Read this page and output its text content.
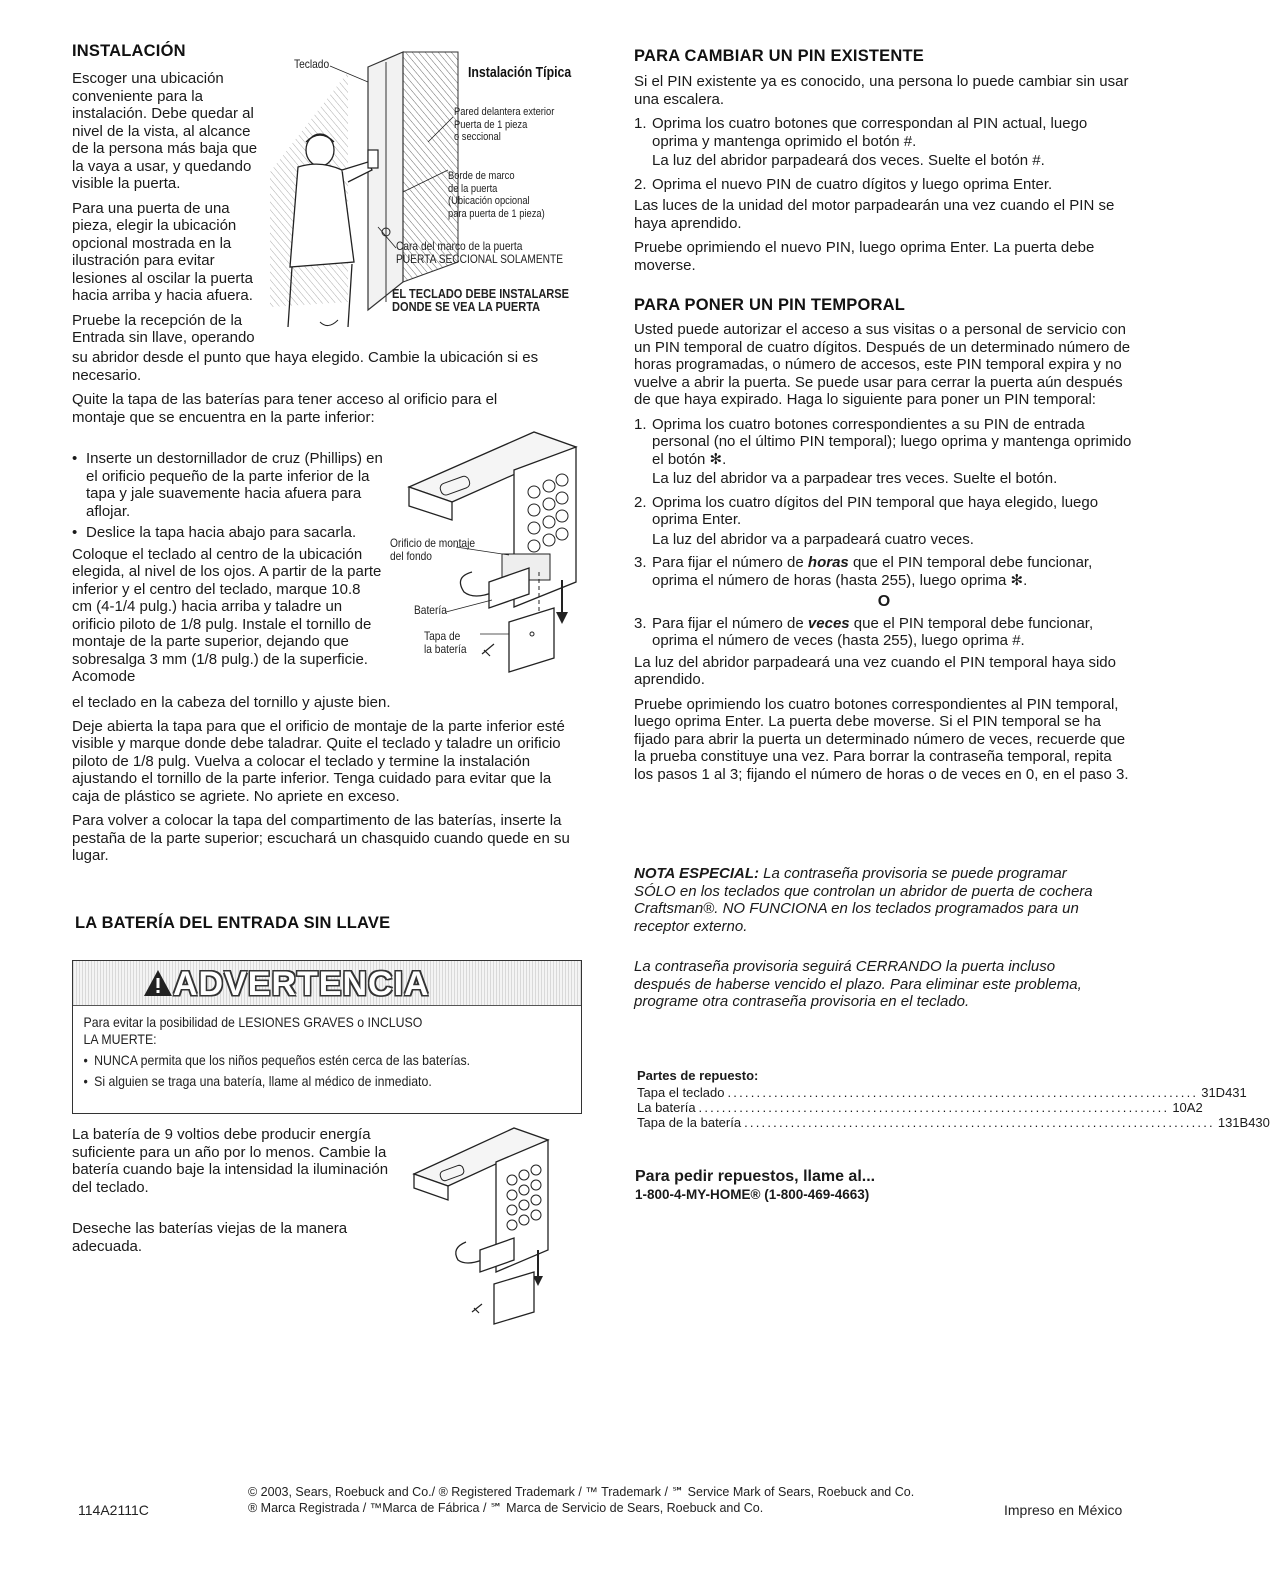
INSTALACIÓN

Escoger una ubicación conveniente para la instalación. Debe quedar al nivel de la vista, al alcance de la persona más baja que la vaya a usar, y quedando visible la puerta.

Para una puerta de una pieza, elegir la ubicación opcional mostrada en la ilustración para evitar lesiones al oscilar la puerta hacia arriba y hacia afuera.

Pruebe la recepción de la Entrada sin llave, operando

Teclado	Instalación Típica
Pared delantera exterior
Puerta de 1 pieza
o seccional
Borde de marco
de la puerta
(Ubicación opcional
para puerta de 1 pieza)
Cara del marco de la puerta
PUERTA SECCIONAL SOLAMENTE
EL TECLADO DEBE INSTALARSE
DONDE SE VEA LA PUERTA

su abridor desde el punto que haya elegido. Cambie la ubicación si es necesario.

Quite la tapa de las baterías para tener acceso al orificio para el montaje que se encuentra en la parte inferior:

• Inserte un destornillador de cruz (Phillips) en el orificio pequeño de la parte inferior de la tapa y jale suavemente hacia afuera para aflojar.
• Deslice la tapa hacia abajo para sacarla.

Coloque el teclado al centro de la ubicación elegida, al nivel de los ojos. A partir de la parte inferior y el centro del teclado, marque 10.8 cm (4-1/4 pulg.) hacia arriba y taladre un orificio piloto de 1/8 pulg. Instale el tornillo de montaje de la parte superior, dejando que sobresalga 3 mm (1/8 pulg.) de la superficie. Acomode

Orificio de montaje
del fondo
Batería
Tapa de
la batería

el teclado en la cabeza del tornillo y ajuste bien.

Deje abierta la tapa para que el orificio de montaje de la parte inferior esté visible y marque donde debe taladrar. Quite el teclado y taladre un orificio piloto de 1/8 pulg. Vuelva a colocar el teclado y termine la instalación ajustando el tornillo de la parte inferior. Tenga cuidado para evitar que la caja de plástico se agriete. No apriete en exceso.

Para volver a colocar la tapa del compartimento de las baterías, inserte la pestaña de la parte superior; escuchará un chasquido cuando quede en su lugar.

LA BATERÍA DEL ENTRADA SIN LLAVE
ADVERTENCIA
Para evitar la posibilidad de LESIONES GRAVES o INCLUSO
LA MUERTE:
• NUNCA permita que los niños pequeños estén cerca de las baterías.
• Si alguien se traga una batería, llame al médico de inmediato.

La batería de 9 voltios debe producir energía suficiente para un año por lo menos. Cambie la batería cuando baje la intensidad la iluminación del teclado.

Deseche las baterías viejas de la manera adecuada.

PARA CAMBIAR UN PIN EXISTENTE

Si el PIN existente ya es conocido, una persona lo puede cambiar sin usar una escalera.

1. Oprima los cuatro botones que correspondan al PIN actual, luego oprima y mantenga oprimido el botón #.
La luz del abridor parpadeará dos veces. Suelte el botón #.
2. Oprima el nuevo PIN de cuatro dígitos y luego oprima Enter.

Las luces de la unidad del motor parpadearán una vez cuando el PIN se haya aprendido.

Pruebe oprimiendo el nuevo PIN, luego oprima Enter. La puerta debe moverse.

PARA PONER UN PIN TEMPORAL

Usted puede autorizar el acceso a sus visitas o a personal de servicio con un PIN temporal de cuatro dígitos. Después de un determinado número de horas programadas, o número de accesos, este PIN temporal expira y no vuelve a abrir la puerta. Se puede usar para cerrar la puerta aún después de que haya expirado. Haga lo siguiente para poner un PIN temporal:

1. Oprima los cuatro botones correspondientes a su PIN de entrada personal (no el último PIN temporal); luego oprima y mantenga oprimido el botón ✻.
La luz del abridor va a parpadear tres veces. Suelte el botón.
2. Oprima los cuatro dígitos del PIN temporal que haya elegido, luego oprima Enter.
La luz del abridor va a parpadeará cuatro veces.
3. Para fijar el número de horas que el PIN temporal debe funcionar, oprima el número de horas (hasta 255), luego oprima ✻.
O
3. Para fijar el número de veces que el PIN temporal debe funcionar, oprima el número de veces (hasta 255), luego oprima #.

La luz del abridor parpadeará una vez cuando el PIN temporal haya sido aprendido.

Pruebe oprimiendo los cuatro botones correspondientes al PIN temporal, luego oprima Enter. La puerta debe moverse. Si el PIN temporal se ha fijado para abrir la puerta un determinado número de veces, recuerde que la prueba constituye una vez. Para borrar la contraseña temporal, repita los pasos 1 al 3; fijando el número de horas o de veces en 0, en el paso 3.

NOTA ESPECIAL: La contraseña provisoria se puede programar SÓLO en los teclados que controlan un abridor de puerta de cochera Craftsman®. NO FUNCIONA en los teclados programados para un receptor externo.

La contraseña provisoria seguirá CERRANDO la puerta incluso después de haberse vencido el plazo. Para eliminar este problema, programe otra contraseña provisoria en el teclado.

Partes de repuesto:
Tapa el teclado ................................................................................. 31D431
La batería ................................................................................. 10A2
Tapa de la batería ................................................................................. 131B430
Para pedir repuestos, llame al...
1-800-4-MY-HOME® (1-800-469-4663)
114A2111C
© 2003, Sears, Roebuck and Co./ ® Registered Trademark / ™ Trademark / ℠ Service Mark of Sears, Roebuck and Co.
® Marca Registrada / ™Marca de Fábrica / ℠ Marca de Servicio de Sears, Roebuck and Co.	Impreso en México
